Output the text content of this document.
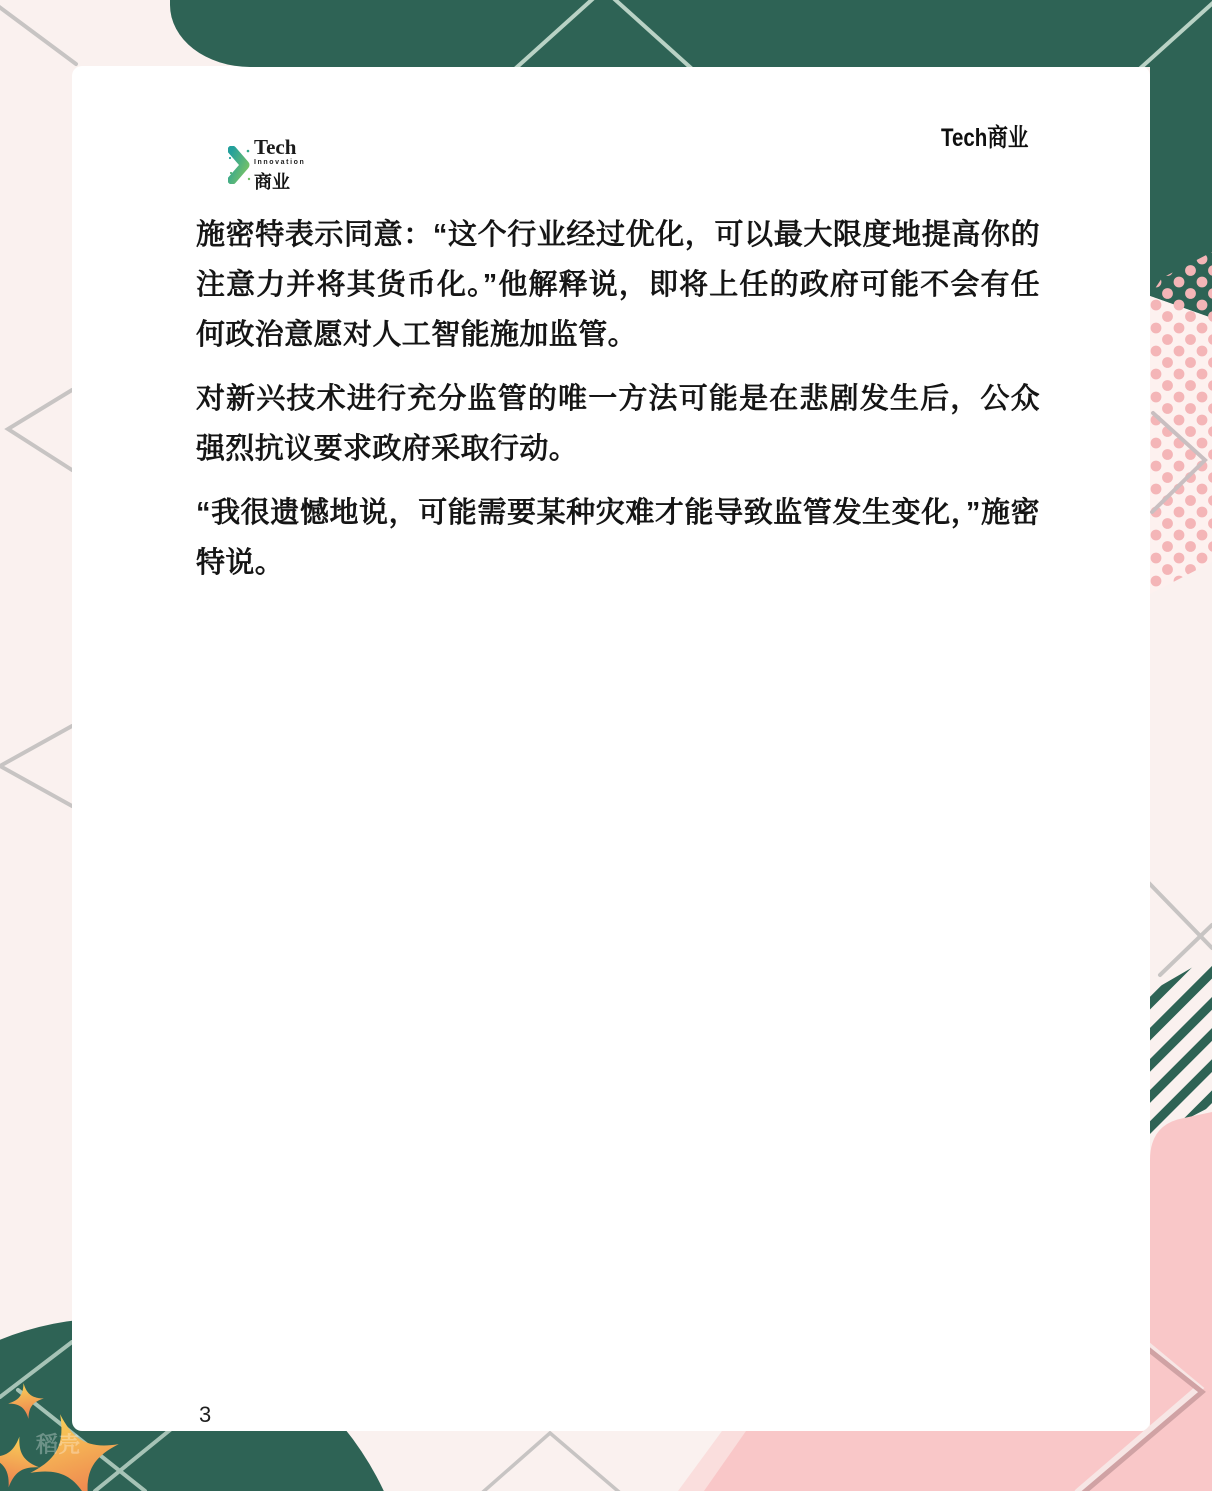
稻壳
Tech
Innovation
商业
Tech商业

施密特表示同意：“这个行业经过优化，可以最大限度地提高你的注意力并将其货币化。”他解释说，即将上任的政府可能不会有任何政治意愿对人工智能施加监管。

对新兴技术进行充分监管的唯一方法可能是在悲剧发生后，公众强烈抗议要求政府采取行动。

“我很遗憾地说，可能需要某种灾难才能导致监管发生变化，”施密特说。

3
